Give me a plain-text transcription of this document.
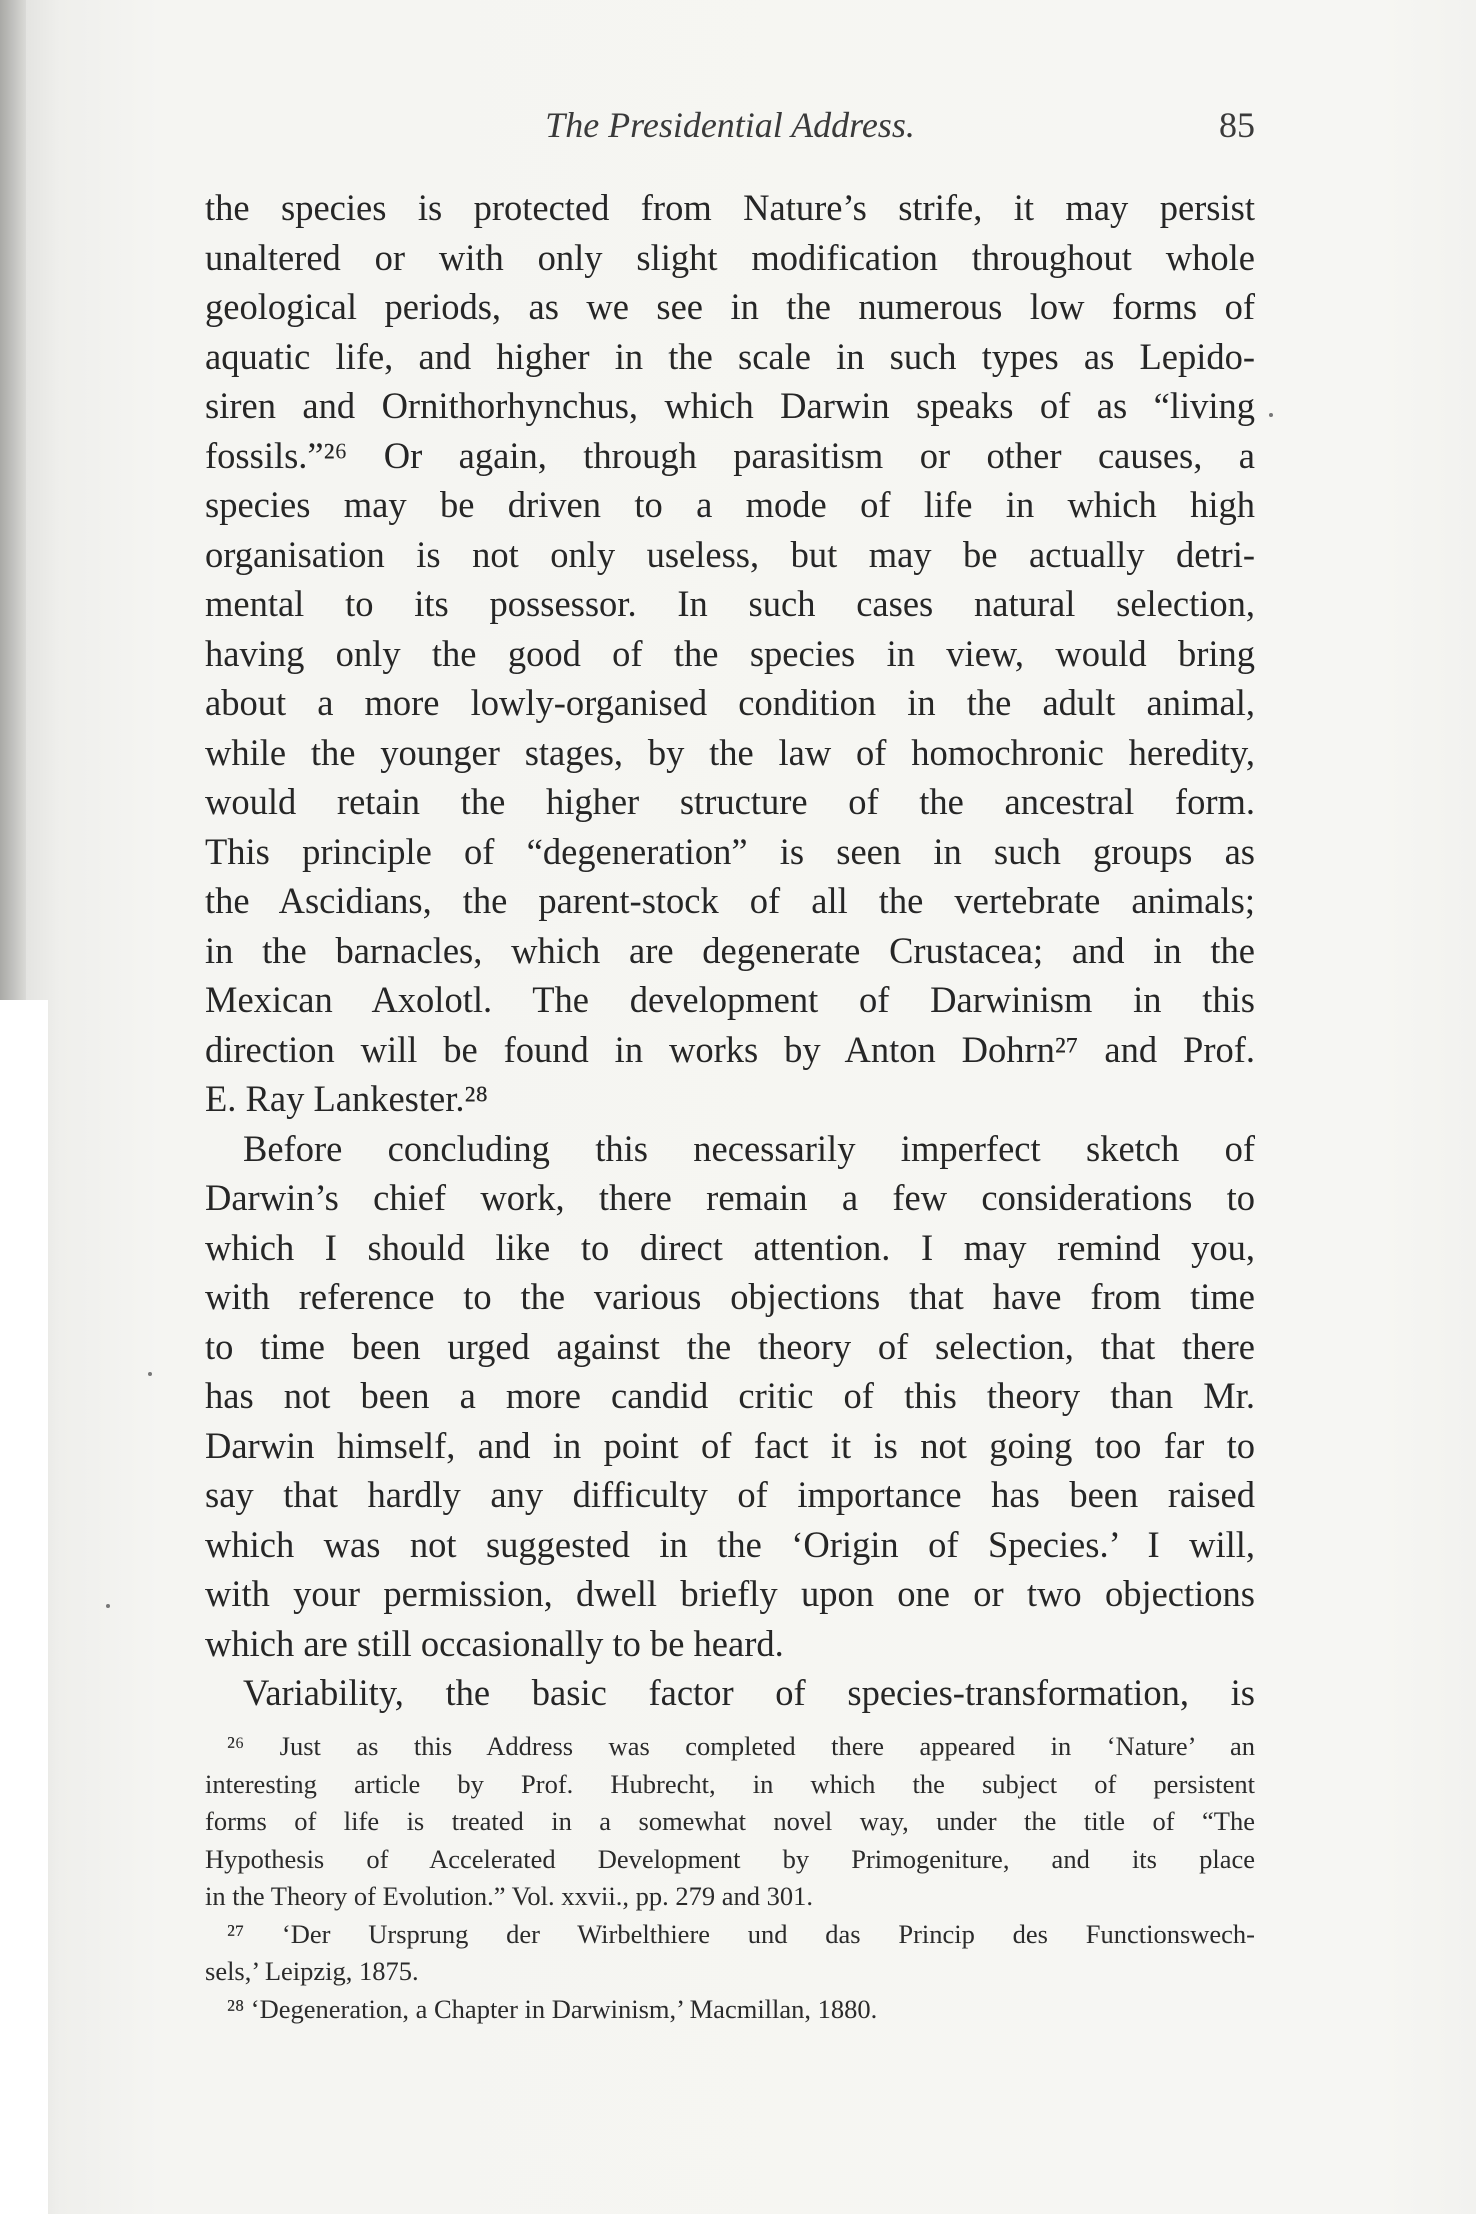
The Presidential Address.	85
the species is protected from Nature’s strife, it may persist
unaltered or with only slight modification throughout whole
geological periods, as we see in the numerous low forms of
aquatic life, and higher in the scale in such types as Lepido-
siren and Ornithorhynchus, which Darwin speaks of as “living
fossils.”²⁶ Or again, through parasitism or other causes, a
species may be driven to a mode of life in which high
organisation is not only useless, but may be actually detri-
mental to its possessor. In such cases natural selection,
having only the good of the species in view, would bring
about a more lowly-organised condition in the adult animal,
while the younger stages, by the law of homochronic heredity,
would retain the higher structure of the ancestral form.
This principle of “degeneration” is seen in such groups as
the Ascidians, the parent-stock of all the vertebrate animals;
in the barnacles, which are degenerate Crustacea; and in the
Mexican Axolotl. The development of Darwinism in this
direction will be found in works by Anton Dohrn²⁷ and Prof.
E. Ray Lankester.²⁸
Before concluding this necessarily imperfect sketch of
Darwin’s chief work, there remain a few considerations to
which I should like to direct attention. I may remind you,
with reference to the various objections that have from time
to time been urged against the theory of selection, that there
has not been a more candid critic of this theory than Mr.
Darwin himself, and in point of fact it is not going too far to
say that hardly any difficulty of importance has been raised
which was not suggested in the ‘Origin of Species.’ I will,
with your permission, dwell briefly upon one or two objections
which are still occasionally to be heard.
Variability, the basic factor of species-transformation, is
²⁶ Just as this Address was completed there appeared in ‘Nature’ an
interesting article by Prof. Hubrecht, in which the subject of persistent
forms of life is treated in a somewhat novel way, under the title of “The
Hypothesis of Accelerated Development by Primogeniture, and its place
in the Theory of Evolution.” Vol. xxvii., pp. 279 and 301.
²⁷ ‘Der Ursprung der Wirbelthiere und das Princip des Functionswech-
sels,’ Leipzig, 1875.
²⁸ ‘Degeneration, a Chapter in Darwinism,’ Macmillan, 1880.
